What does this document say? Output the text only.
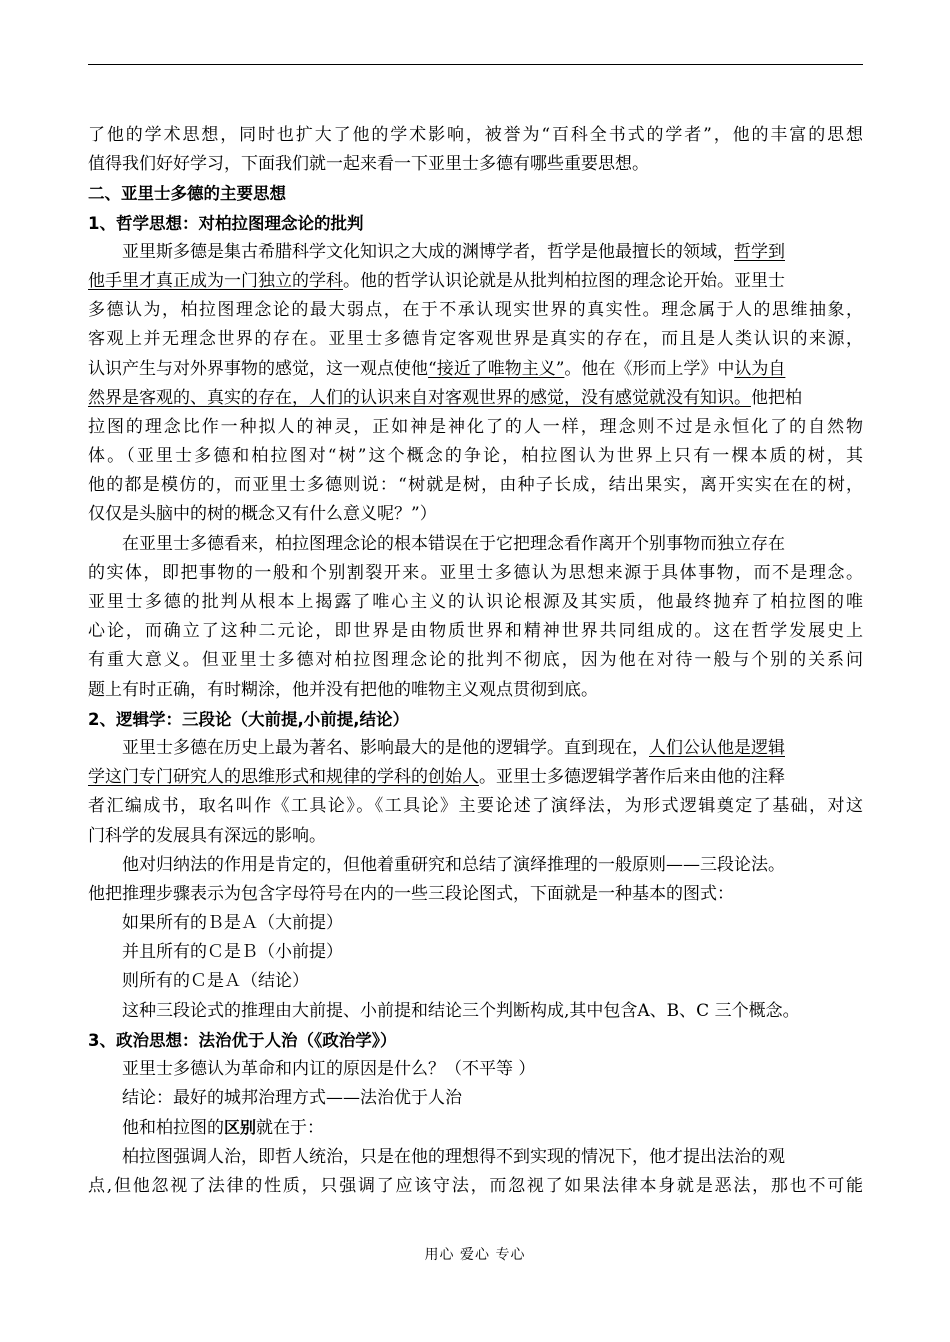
了他的学术思想，同时也扩大了他的学术影响，被誉为“百科全书式的学者”，他的丰富的思想
值得我们好好学习，下面我们就一起来看一下亚里士多德有哪些重要思想。
二、亚里士多德的主要思想
1、哲学思想：对柏拉图理念论的批判
亚里斯多德是集古希腊科学文化知识之大成的渊博学者，哲学是他最擅长的领域，哲学到
他手里才真正成为一门独立的学科。他的哲学认识论就是从批判柏拉图的理念论开始。亚里士
多德认为，柏拉图理念论的最大弱点，在于不承认现实世界的真实性。理念属于人的思维抽象，
客观上并无理念世界的存在。亚里士多德肯定客观世界是真实的存在，而且是人类认识的来源，
认识产生与对外界事物的感觉，这一观点使他“接近了唯物主义”。他在《形而上学》中认为自
然界是客观的、真实的存在，人们的认识来自对客观世界的感觉，没有感觉就没有知识。他把柏
拉图的理念比作一种拟人的神灵，正如神是神化了的人一样，理念则不过是永恒化了的自然物
体。（亚里士多德和柏拉图对“树”这个概念的争论，柏拉图认为世界上只有一棵本质的树，其
他的都是模仿的，而亚里士多德则说：“树就是树，由种子长成，结出果实，离开实实在在的树，
仅仅是头脑中的树的概念又有什么意义呢？”）
在亚里士多德看来，柏拉图理念论的根本错误在于它把理念看作离开个别事物而独立存在
的实体，即把事物的一般和个别割裂开来。亚里士多德认为思想来源于具体事物，而不是理念。
亚里士多德的批判从根本上揭露了唯心主义的认识论根源及其实质，他最终抛弃了柏拉图的唯
心论，而确立了这种二元论，即世界是由物质世界和精神世界共同组成的。这在哲学发展史上
有重大意义。但亚里士多德对柏拉图理念论的批判不彻底，因为他在对待一般与个别的关系问
题上有时正确，有时糊涂，他并没有把他的唯物主义观点贯彻到底。
2、逻辑学：三段论（大前提,小前提,结论）
亚里士多德在历史上最为著名、影响最大的是他的逻辑学。直到现在，人们公认他是逻辑
学这门专门研究人的思维形式和规律的学科的创始人。亚里士多德逻辑学著作后来由他的注释
者汇编成书，取名叫作《工具论》。《工具论》主要论述了演绎法，为形式逻辑奠定了基础，对这
门科学的发展具有深远的影响。
他对归纳法的作用是肯定的，但他着重研究和总结了演绎推理的一般原则——三段论法。
他把推理步骤表示为包含字母符号在内的一些三段论图式，下面就是一种基本的图式：
如果所有的Ｂ是Ａ（大前提）
并且所有的Ｃ是Ｂ（小前提）
则所有的Ｃ是Ａ（结论）
这种三段论式的推理由大前提、小前提和结论三个判断构成,其中包含A、B、C 三个概念。
3、政治思想：法治优于人治（《政治学》）
亚里士多德认为革命和内讧的原因是什么？（不平等 ）
结论：最好的城邦治理方式——法治优于人治
他和柏拉图的区别就在于：
柏拉图强调人治，即哲人统治，只是在他的理想得不到实现的情况下，他才提出法治的观
点,但他忽视了法律的性质，只强调了应该守法，而忽视了如果法律本身就是恶法，那也不可能
用心 爱心 专心
